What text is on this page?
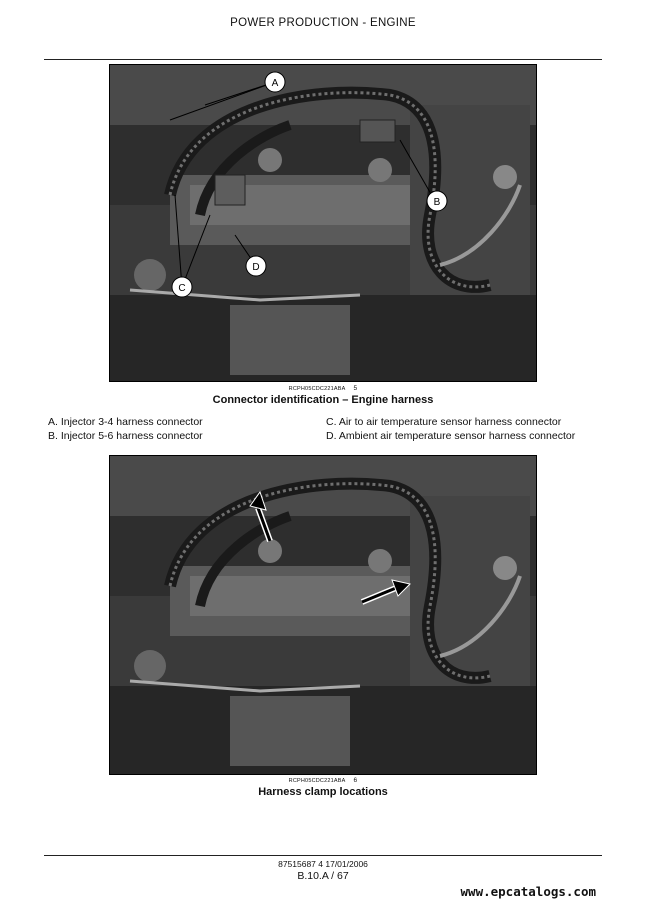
POWER PRODUCTION - ENGINE
A
B
C
D
RCPH05CDC221ABA 5
Connector identification – Engine harness
A. Injector 3-4 harness connector
B. Injector 5-6 harness connector
C. Air to air temperature sensor harness connector
D. Ambient air temperature sensor harness connector
RCPH05CDC221ABA 6
Harness clamp locations
87515687 4 17/01/2006
B.10.A / 67
www.epcatalogs.com
